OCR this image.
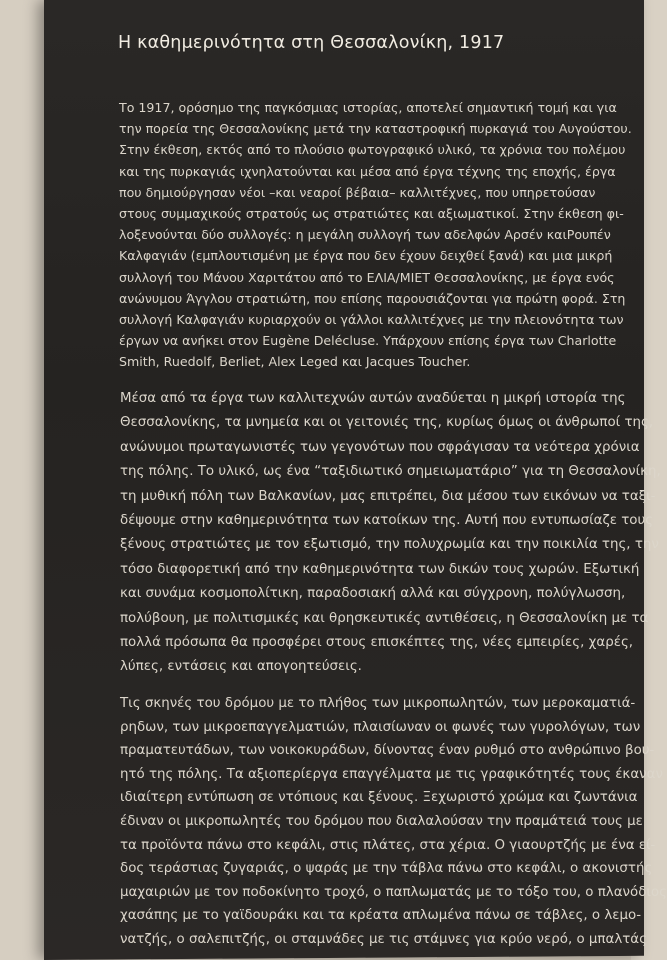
Η καθημερινότητα στη Θεσσαλονίκη, 1917
Το 1917, ορόσημο της παγκόσμιας ιστορίας, αποτελεί σημαντική τομή και για
την πορεία της Θεσσαλονίκης μετά την καταστροφική πυρκαγιά του Αυγούστου.
Στην έκθεση, εκτός από το πλούσιο φωτογραφικό υλικό, τα χρόνια του πολέμου
και της πυρκαγιάς ιχνηλατούνται και μέσα από έργα τέχνης της εποχής, έργα
που δημιούργησαν νέοι –και νεαροί βέβαια– καλλιτέχνες, που υπηρετούσαν
στους συμμαχικούς στρατούς ως στρατιώτες και αξιωματικοί. Στην έκθεση φι-
λοξενούνται δύο συλλογές: η μεγάλη συλλογή των αδελφών Αρσέν καιΡουπέν
Καλφαγιάν (εμπλουτισμένη με έργα που δεν έχουν δειχθεί ξανά) και μια μικρή
συλλογή του Μάνου Χαριτάτου από το ΕΛΙΑ/ΜΙΕΤ Θεσσαλονίκης, με έργα ενός
ανώνυμου Άγγλου στρατιώτη, που επίσης παρουσιάζονται για πρώτη φορά. Στη
συλλογή Καλφαγιάν κυριαρχούν οι γάλλοι καλλιτέχνες με την πλειονότητα των
έργων να ανήκει στον Eugène Delécluse. Υπάρχουν επίσης έργα των Charlotte
Smith, Ruedolf, Berliet, Alex Leged και Jacques Toucher.
Μέσα από τα έργα των καλλιτεχνών αυτών αναδύεται η μικρή ιστορία της
Θεσσαλονίκης, τα μνημεία και οι γειτονιές της, κυρίως όμως οι άνθρωποί της,
ανώνυμοι πρωταγωνιστές των γεγονότων που σφράγισαν τα νεότερα χρόνια
της πόλης. Το υλικό, ως ένα “ταξιδιωτικό σημειωματάριο” για τη Θεσσαλονίκη,
τη μυθική πόλη των Βαλκανίων, μας επιτρέπει, δια μέσου των εικόνων να ταξι-
δέψουμε στην καθημερινότητα των κατοίκων της. Αυτή που εντυπωσίαζε τους
ξένους στρατιώτες με τον εξωτισμό, την πολυχρωμία και την ποικιλία της, την
τόσο διαφορετική από την καθημερινότητα των δικών τους χωρών. Εξωτική
και συνάμα κοσμοπολίτικη, παραδοσιακή αλλά και σύγχρονη, πολύγλωσση,
πολύβουη, με πολιτισμικές και θρησκευτικές αντιθέσεις, η Θεσσαλονίκη με τα
πολλά πρόσωπα θα προσφέρει στους επισκέπτες της, νέες εμπειρίες, χαρές,
λύπες, εντάσεις και απογοητεύσεις.
Τις σκηνές του δρόμου με το πλήθος των μικροπωλητών, των μεροκαματιά-
ρηδων, των μικροεπαγγελματιών, πλαισίωναν οι φωνές των γυρολόγων, των
πραματευτάδων, των νοικοκυράδων, δίνοντας έναν ρυθμό στο ανθρώπινο βου-
ητό της πόλης. Τα αξιοπερίεργα επαγγέλματα με τις γραφικότητές τους έκαναν
ιδιαίτερη εντύπωση σε ντόπιους και ξένους. Ξεχωριστό χρώμα και ζωντάνια
έδιναν οι μικροπωλητές του δρόμου που διαλαλούσαν την πραμάτειά τους με
τα προϊόντα πάνω στο κεφάλι, στις πλάτες, στα χέρια. Ο γιαουρτζής με ένα εί-
δος τεράστιας ζυγαριάς, ο ψαράς με την τάβλα πάνω στο κεφάλι, ο ακονιστής
μαχαιριών με τον ποδοκίνητο τροχό, ο παπλωματάς με το τόξο του, ο πλανόδιος
χασάπης με το γαϊδουράκι και τα κρέατα απλωμένα πάνω σε τάβλες, ο λεμο-
νατζής, ο σαλεπιτζής, οι σταμνάδες με τις στάμνες για κρύο νερό, ο μπαλτάς
